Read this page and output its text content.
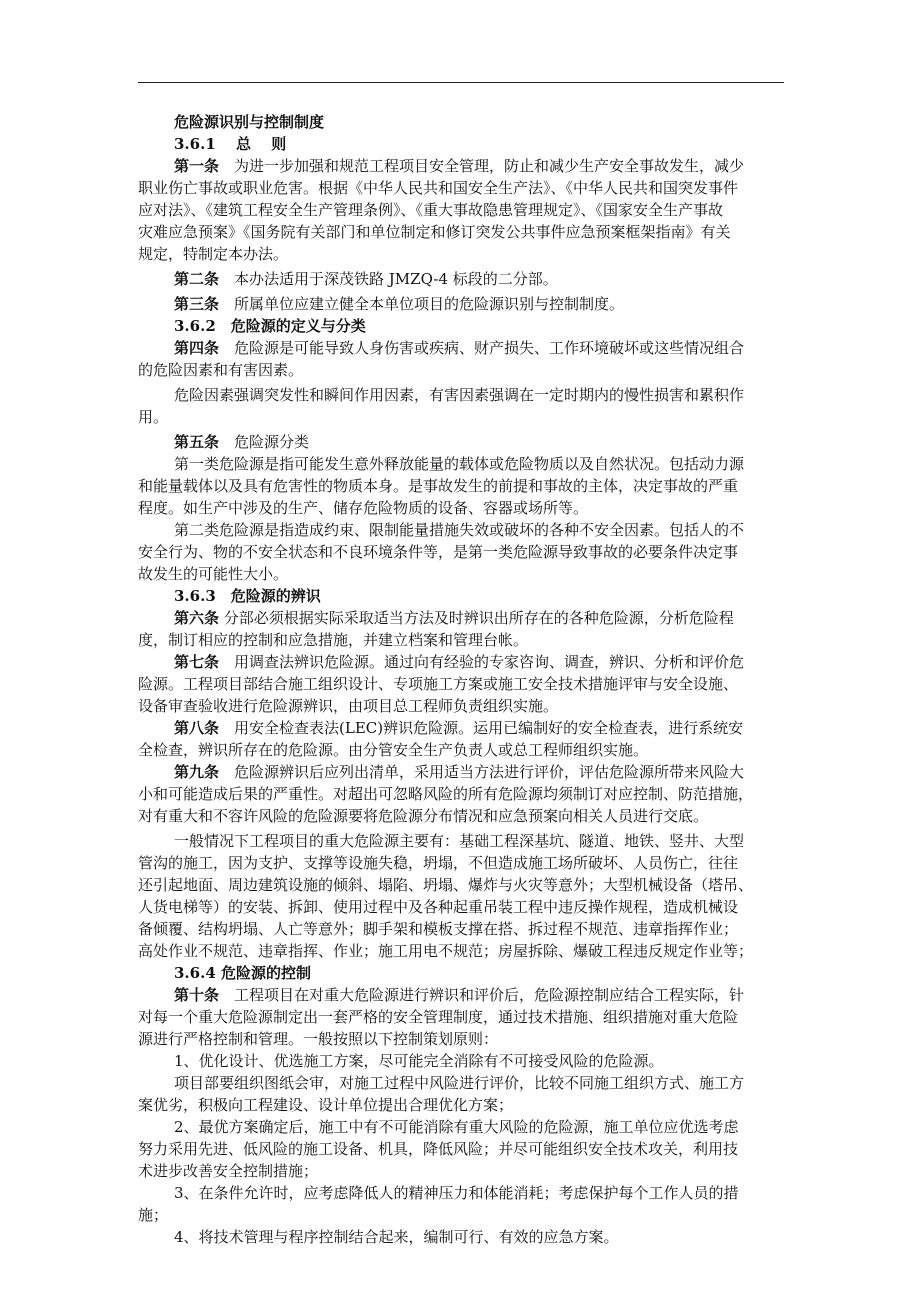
危险源识别与控制制度
3.6.1　 总　 则
第一条　为进一步加强和规范工程项目安全管理，防止和减少生产安全事故发生，减少
职业伤亡事故或职业危害。根据《中华人民共和国安全生产法》、《中华人民共和国突发事件
应对法》、《建筑工程安全生产管理条例》、《重大事故隐患管理规定》、《国家安全生产事故
灾难应急预案》《国务院有关部门和单位制定和修订突发公共事件应急预案框架指南》有关
规定，特制定本办法。
第二条　本办法适用于深茂铁路 JMZQ-4 标段的二分部。
第三条　所属单位应建立健全本单位项目的危险源识别与控制制度。
3.6.2　危险源的定义与分类
第四条　危险源是可能导致人身伤害或疾病、财产损失、工作环境破坏或这些情况组合
的危险因素和有害因素。
危险因素强调突发性和瞬间作用因素，有害因素强调在一定时期内的慢性损害和累积作
用。
第五条　危险源分类
第一类危险源是指可能发生意外释放能量的载体或危险物质以及自然状况。包括动力源
和能量载体以及具有危害性的物质本身。是事故发生的前提和事故的主体，决定事故的严重
程度。如生产中涉及的生产、储存危险物质的设备、容器或场所等。
第二类危险源是指造成约束、限制能量措施失效或破坏的各种不安全因素。包括人的不
安全行为、物的不安全状态和不良环境条件等，是第一类危险源导致事故的必要条件决定事
故发生的可能性大小。
3.6.3　危险源的辨识
第六条 分部必须根据实际采取适当方法及时辨识出所存在的各种危险源，分析危险程
度，制订相应的控制和应急措施，并建立档案和管理台帐。
第七条　用调查法辨识危险源。通过向有经验的专家咨询、调查，辨识、分析和评价危
险源。工程项目部结合施工组织设计、专项施工方案或施工安全技术措施评审与安全设施、
设备审查验收进行危险源辨识，由项目总工程师负责组织实施。
第八条　用安全检查表法(LEC)辨识危险源。运用已编制好的安全检查表，进行系统安
全检查，辨识所存在的危险源。由分管安全生产负责人或总工程师组织实施。
第九条　危险源辨识后应列出清单，采用适当方法进行评价，评估危险源所带来风险大
小和可能造成后果的严重性。对超出可忽略风险的所有危险源均须制订对应控制、防范措施，
对有重大和不容许风险的危险源要将危险源分布情况和应急预案向相关人员进行交底。
一般情况下工程项目的重大危险源主要有：基础工程深基坑、隧道、地铁、竖井、大型
管沟的施工，因为支护、支撑等设施失稳，坍塌，不但造成施工场所破坏、人员伤亡，往往
还引起地面、周边建筑设施的倾斜、塌陷、坍塌、爆炸与火灾等意外；大型机械设备（塔吊、
人货电梯等）的安装、拆卸、使用过程中及各种起重吊装工程中违反操作规程，造成机械设
备倾覆、结构坍塌、人亡等意外；脚手架和模板支撑在搭、拆过程不规范、违章指挥作业；
高处作业不规范、违章指挥、作业；施工用电不规范；房屋拆除、爆破工程违反规定作业等；
3.6.4 危险源的控制
第十条　工程项目在对重大危险源进行辨识和评价后，危险源控制应结合工程实际，针
对每一个重大危险源制定出一套严格的安全管理制度，通过技术措施、组织措施对重大危险
源进行严格控制和管理。一般按照以下控制策划原则：
1、优化设计、优选施工方案，尽可能完全消除有不可接受风险的危险源。
项目部要组织图纸会审，对施工过程中风险进行评价，比较不同施工组织方式、施工方
案优劣，积极向工程建设、设计单位提出合理优化方案；
2、最优方案确定后，施工中有不可能消除有重大风险的危险源，施工单位应优选考虑
努力采用先进、低风险的施工设备、机具，降低风险；并尽可能组织安全技术攻关，利用技
术进步改善安全控制措施；
3、在条件允许时，应考虑降低人的精神压力和体能消耗；考虑保护每个工作人员的措
施；
4、将技术管理与程序控制结合起来，编制可行、有效的应急方案。
